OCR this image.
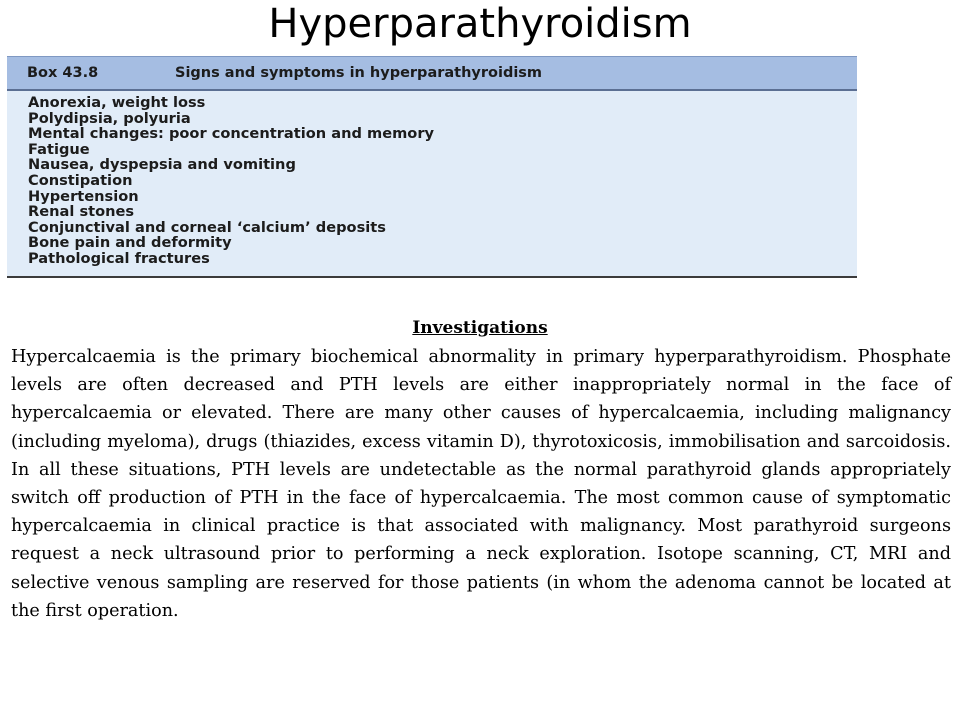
Hyperparathyroidism
Box 43.8	Signs and symptoms in hyperparathyroidism
Anorexia, weight loss
Polydipsia, polyuria
Mental changes: poor concentration and memory
Fatigue
Nausea, dyspepsia and vomiting
Constipation
Hypertension
Renal stones
Conjunctival and corneal ‘calcium’ deposits
Bone pain and deformity
Pathological fractures
Investigations

Hypercalcaemia is the primary biochemical abnormality in primary hyperparathyroidism. Phosphate levels are often decreased and PTH levels are either inappropriately normal in the face of hypercalcaemia or elevated. There are many other causes of hypercalcaemia, including malignancy (including myeloma), drugs (thiazides, excess vitamin D), thyrotoxicosis, immobilisation and sarcoidosis. In all these situations, PTH levels are undetectable as the normal parathyroid glands appropriately switch off production of PTH in the face of hypercalcaemia. The most common cause of symptomatic hypercalcaemia in clinical practice is that associated with malignancy. Most parathyroid surgeons request a neck ultrasound prior to performing a neck exploration. Isotope scanning, CT, MRI and selective venous sampling are reserved for those patients (in whom the adenoma cannot be located at the first operation.
